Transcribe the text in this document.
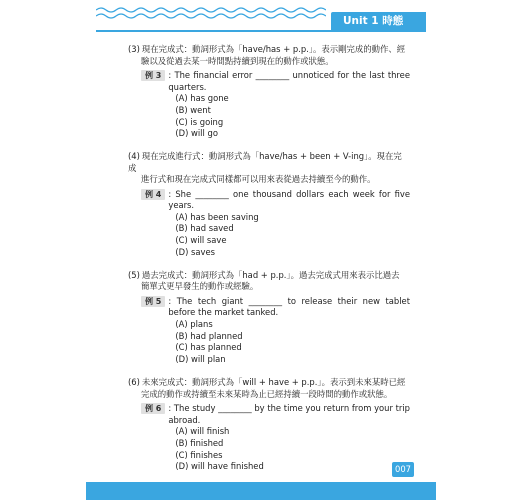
Unit 1 時態
(3) 現在完成式：動詞形式為「have/has + p.p.」。表示剛完成的動作、經
驗以及從過去某一時間點持續到現在的動作或狀態。
例 3 : The financial error ________ unnoticed for the last three quarters.
(A) has gone
(B) went
(C) is going
(D) will go
(4) 現在完成進行式：動詞形式為「have/has + been + V-ing」。現在完成
進行式和現在完成式同樣都可以用來表從過去持續至今的動作。
例 4 : She ________ one thousand dollars each week for five years.
(A) has been saving
(B) had saved
(C) will save
(D) saves
(5) 過去完成式：動詞形式為「had + p.p.」。過去完成式用來表示比過去
簡單式更早發生的動作或經驗。
例 5 : The tech giant ________ to release their new tablet before the market tanked.
(A) plans
(B) had planned
(C) has planned
(D) will plan
(6) 未來完成式：動詞形式為「will + have + p.p.」。表示到未來某時已經
完成的動作或持續至未來某時為止已經持續一段時間的動作或狀態。
例 6 : The study ________ by the time you return from your trip abroad.
(A) will finish
(B) finished
(C) finishes
(D) will have finished	007
